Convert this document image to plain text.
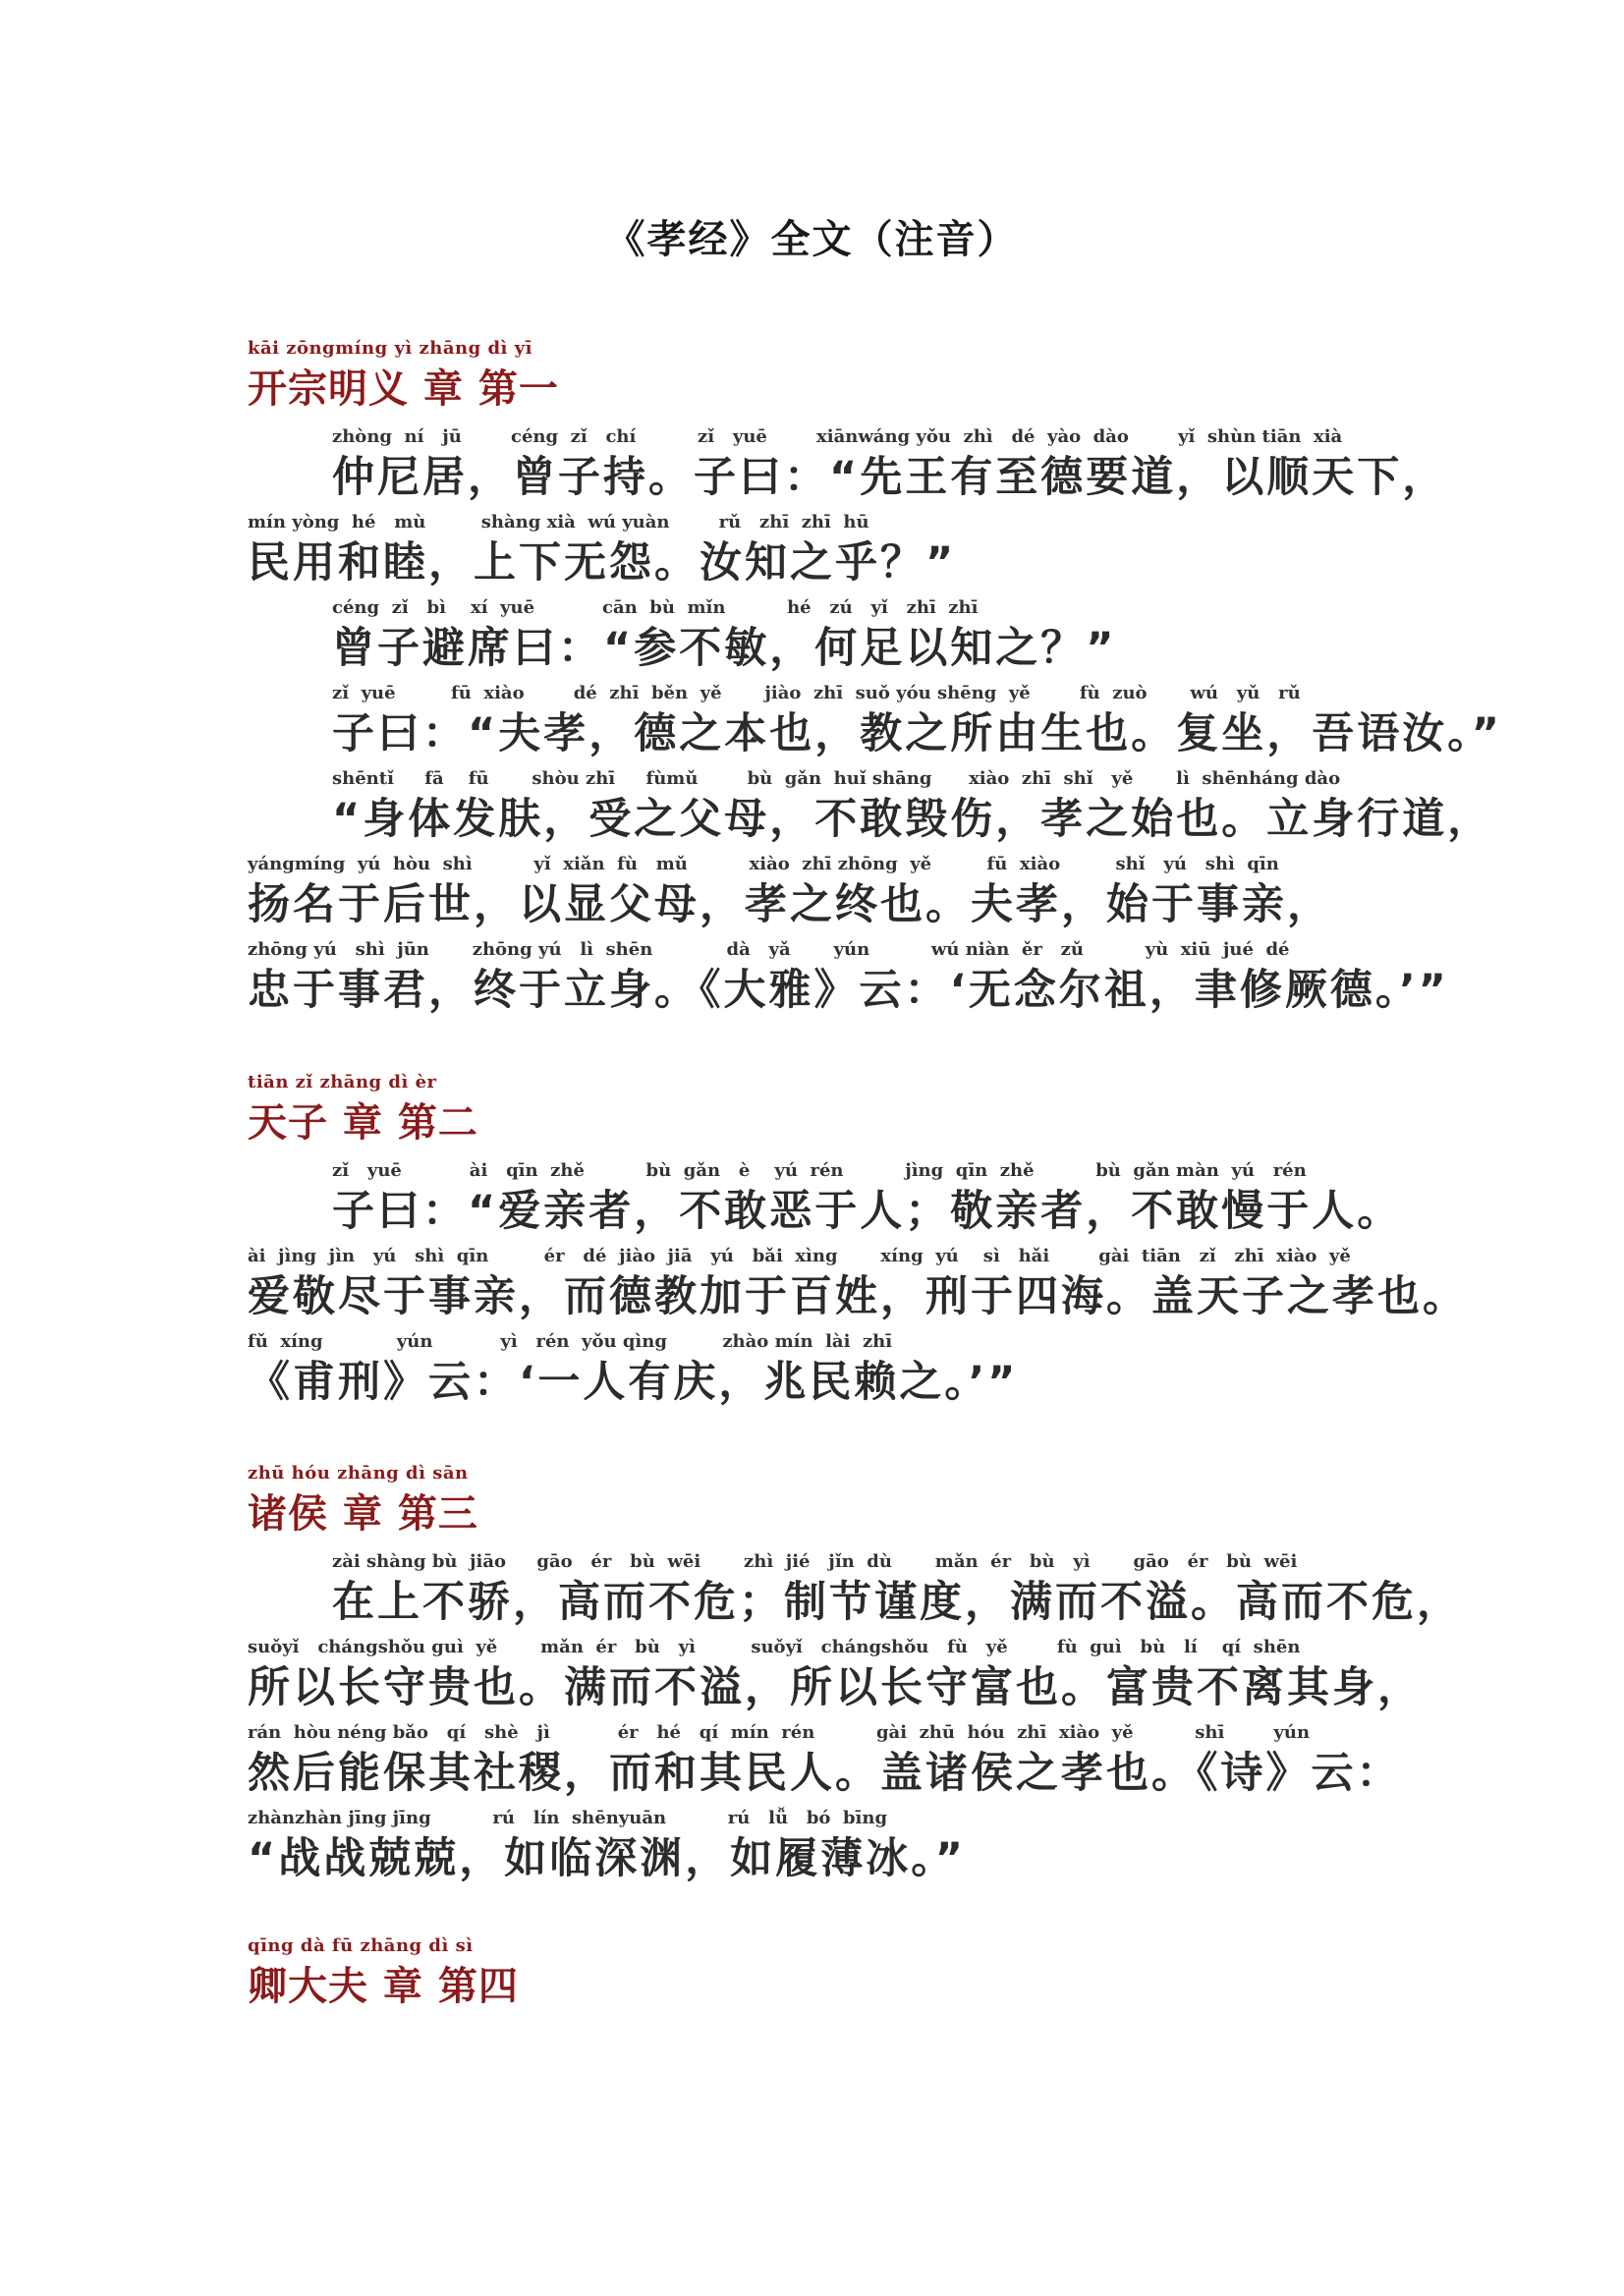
《孝经》全文（注音）
kāi zōngmíng yì zhāng dì yī
开宗明义 章 第一
zhòng  ní   jū        céng  zǐ   chí          zǐ   yuē        xiānwáng yǒu  zhì   dé  yào  dào        yǐ  shùn tiān  xià
仲尼居，曾子持。子曰：“先王有至德要道，以顺天下，
mín yòng  hé   mù         shàng xià  wú yuàn        rǔ   zhī  zhī  hū
民用和睦，上下无怨。汝知之乎？”
céng  zǐ   bì    xí  yuē           cān  bù  mǐn          hé   zú   yǐ   zhī  zhī
曾子避席曰：“参不敏，何足以知之？”
zǐ  yuē         fū  xiào        dé  zhī  běn  yě       jiào  zhī  suǒ yóu shēng  yě        fù  zuò       wú   yǔ   rǔ
子曰：“夫孝，德之本也，教之所由生也。复坐，吾语汝。”
shēntǐ     fā    fū       shòu zhī     fùmǔ        bù  gǎn  huǐ shāng      xiào  zhī  shǐ   yě       lì  shēnháng dào
“身体发肤，受之父母，不敢毁伤，孝之始也。立身行道，
yángmíng  yú  hòu  shì          yǐ  xiǎn  fù   mǔ          xiào  zhī zhōng  yě         fū  xiào         shǐ   yú   shì  qīn
扬名于后世，以显父母，孝之终也。夫孝，始于事亲，
zhōng yú   shì  jūn       zhōng yú   lì  shēn            dà   yǎ       yún          wú niàn  ěr   zǔ          yù  xiū  jué  dé
忠于事君，终于立身。《大雅》云：‘无念尔祖，聿修厥德。’”
tiān zǐ zhāng dì èr
天子 章 第二
zǐ   yuē           ài   qīn  zhě          bù  gǎn   è    yú  rén          jìng  qīn  zhě          bù  gǎn màn  yú   rén
子曰：“爱亲者，不敢恶于人；敬亲者，不敢慢于人。
ài  jìng  jìn   yú   shì  qīn         ér   dé  jiào  jiā   yú   bǎi  xìng       xíng  yú    sì   hǎi        gài  tiān   zǐ   zhī  xiào  yě
爱敬尽于事亲，而德教加于百姓，刑于四海。盖天子之孝也。
fǔ  xíng            yún           yì   rén  yǒu qìng         zhào mín  lài  zhī
《甫刑》云：‘一人有庆，兆民赖之。’”
zhū hóu zhāng dì sān
诸侯 章 第三
zài shàng bù  jiāo     gāo   ér   bù  wēi       zhì  jié   jǐn  dù       mǎn  ér   bù   yì       gāo   ér   bù  wēi
在上不骄，高而不危；制节谨度，满而不溢。高而不危，
suǒyǐ   chángshǒu guì  yě       mǎn  ér   bù   yì         suǒyǐ   chángshǒu   fù   yě        fù  guì   bù   lí    qí  shēn
所以长守贵也。满而不溢，所以长守富也。富贵不离其身，
rán  hòu néng bǎo   qí   shè   jì           ér   hé   qí  mín  rén          gài  zhū  hóu  zhī  xiào  yě          shī        yún
然后能保其社稷，而和其民人。盖诸侯之孝也。《诗》云：
zhànzhàn jīng jīng          rú   lín  shēnyuān          rú   lǚ   bó  bīng
“战战兢兢，如临深渊，如履薄冰。”
qīng dà fū zhāng dì sì
卿大夫 章 第四
